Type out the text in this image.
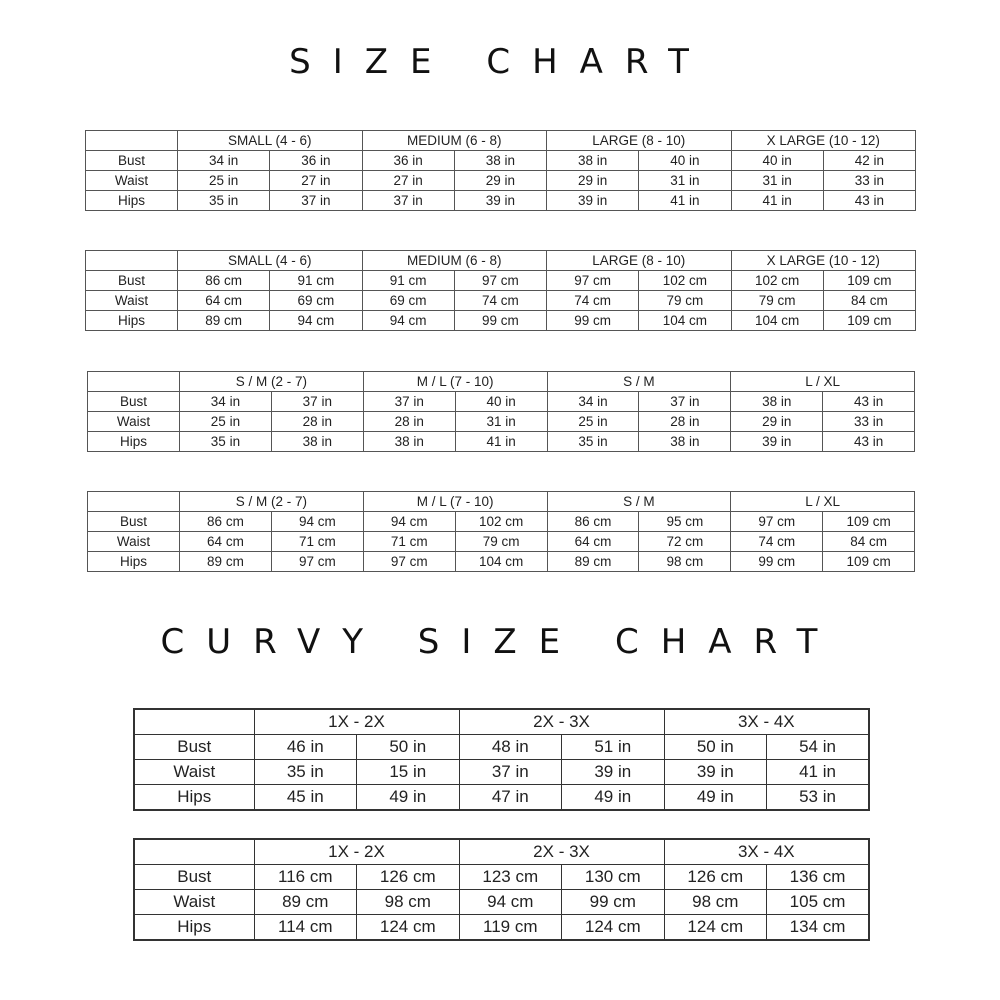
SIZE CHART
	SMALL (4 - 6)		MEDIUM (6 - 8)		LARGE (8 - 10)		X LARGE (10 - 12)	
Bust	34 in	36 in	36 in	38 in	38 in	40 in	40 in	42 in
Waist	25 in	27 in	27 in	29 in	29 in	31 in	31 in	33 in
Hips	35 in	37 in	37 in	39 in	39 in	41 in	41 in	43 in
	SMALL (4 - 6)		MEDIUM (6 - 8)		LARGE (8 - 10)		X LARGE (10 - 12)	
Bust	86 cm	91 cm	91 cm	97 cm	97 cm	102 cm	102 cm	109 cm
Waist	64 cm	69 cm	69 cm	74 cm	74 cm	79 cm	79 cm	84 cm
Hips	89 cm	94 cm	94 cm	99 cm	99 cm	104 cm	104 cm	109 cm
	S / M (2 - 7)		M / L (7 - 10)		S / M		L / XL	
Bust	34 in	37 in	37 in	40 in	34 in	37 in	38 in	43 in
Waist	25 in	28 in	28 in	31 in	25 in	28 in	29 in	33 in
Hips	35 in	38 in	38 in	41 in	35 in	38 in	39 in	43 in
	S / M (2 - 7)		M / L (7 - 10)		S / M		L / XL	
Bust	86 cm	94 cm	94 cm	102 cm	86 cm	95 cm	97 cm	109 cm
Waist	64 cm	71 cm	71 cm	79 cm	64 cm	72 cm	74 cm	84 cm
Hips	89 cm	97 cm	97 cm	104 cm	89 cm	98 cm	99 cm	109 cm
CURVY SIZE CHART
	1X - 2X		2X - 3X		3X - 4X	
Bust	46 in	50 in	48 in	51 in	50 in	54 in
Waist	35 in	15 in	37 in	39 in	39 in	41 in
Hips	45 in	49 in	47 in	49 in	49 in	53 in
	1X - 2X		2X - 3X		3X - 4X	
Bust	116 cm	126 cm	123 cm	130 cm	126 cm	136 cm
Waist	89 cm	98 cm	94 cm	99 cm	98 cm	105 cm
Hips	114 cm	124 cm	119 cm	124 cm	124 cm	134 cm
